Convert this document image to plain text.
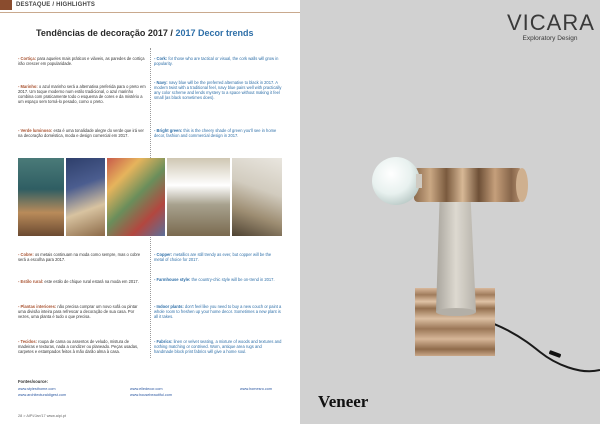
DESTAQUE / HIGHLIGHTS
Tendências de decoração 2017 / 2017 Decor trends
- Cortiça: para aqueles mais práticos e viáveis, as paredes de cortiça irão crescer em popularidade.
- Marinho: o azul marinho será a alternativa preferida para o preto em 2017. Um toque moderno num estilo tradicional, o azul marinho combina com praticamente todo o esquema de cores e da mistério a um espaço sem torná-lo pesado, como o preto.
- Verde luminoso: esta é uma tonalidade alegre do verde que irá ver na decoração doméstica, moda e design comercial em 2017.
- Cobre: os metais continuam na moda como sempre, mas o cobre será a escolha para 2017.
- Estilo rural: este estilo de chique rural estará na moda em 2017.
- Plantas interiores: não precisa comprar um novo sofá ou pintar uma divisão inteira para refrescar a decoração de sua casa. Por vezes, uma planta é tudo o que precisa.
- Tecidos: roupa de cama ou assentos de veludo, mistura de madeiras e texturas, nada a condizer ou planeado. Peças usadas, carpetes e estampados feitos à mão darão alma à casa.
- Cork: for those who are tactical or visual, the cork walls will grow in popularity.
- Navy: navy blue will be the preferred alternative to black in 2017. A modern twist with a traditional feel, navy blue pairs well with practically any color scheme and lends mystery to a space without making it feel small (as black sometimes does).
- Bright green: this is the cheery shade of green you'll see in home decor, fashion and commercial design in 2017.
- Copper: metallics are still trendy as ever, but copper will be the metal of choice for 2017.
- Farmhouse style: the country-chic style will be on-trend in 2017.
- Indoor plants: don't feel like you need to buy a new couch or paint a whole room to freshen up your home decor. Sometimes a new plant is all it takes.
- Fabrics: linen or velvet seating, a mixture of woods and textures and nothing matching or contrived. Worn, antique area rugs and handmade block print fabrics will give a home soul.
Fontes/source:
www.stylesthome.com	www.elledecor.com	www.homesro.com
www.architecturaldigest.com	www.housebeautiful.com
28 > AIPI/Jan'17 www.aipi.pt
VICARA
Exploratory Design
Veneer
